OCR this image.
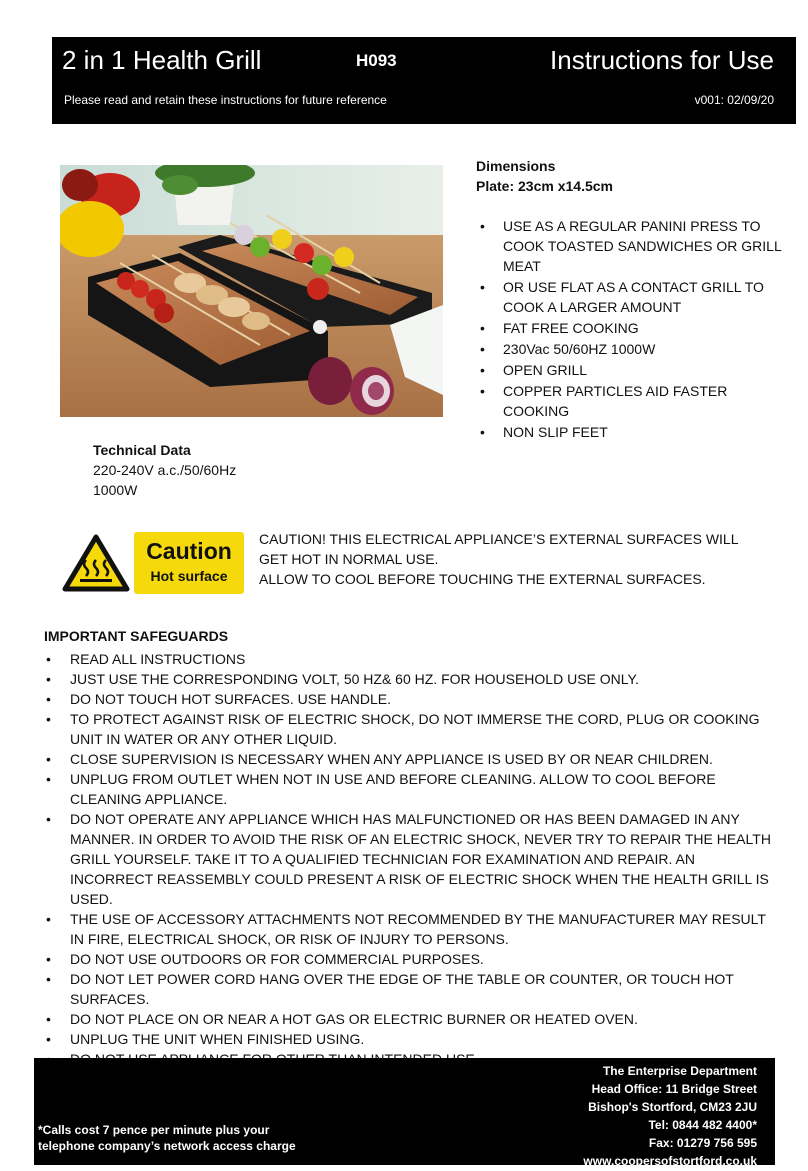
2 in 1 Health Grill	H093	Instructions for Use
Please read and retain these instructions for future reference	v001: 02/09/20
Dimensions
Plate: 23cm x14.5cm
• USE AS A REGULAR PANINI PRESS TO COOK TOASTED SANDWICHES OR GRILL MEAT
• OR USE FLAT AS A CONTACT GRILL TO COOK A LARGER AMOUNT
• FAT FREE COOKING
• 230Vac 50/60HZ 1000W
• OPEN GRILL
• COPPER PARTICLES AID FASTER COOKING
• NON SLIP FEET
Technical Data
220-240V a.c./50/60Hz
1000W
Caution
Hot surface
CAUTION! THIS ELECTRICAL APPLIANCE’S EXTERNAL SURFACES WILL
GET HOT IN NORMAL USE.
ALLOW TO COOL BEFORE TOUCHING THE EXTERNAL SURFACES.
IMPORTANT SAFEGUARDS
• READ ALL INSTRUCTIONS
• JUST USE THE CORRESPONDING VOLT, 50 HZ& 60 HZ. FOR HOUSEHOLD USE ONLY.
• DO NOT TOUCH HOT SURFACES. USE HANDLE.
• TO PROTECT AGAINST RISK OF ELECTRIC SHOCK, DO NOT IMMERSE THE CORD, PLUG OR COOKING UNIT IN WATER OR ANY OTHER LIQUID.
• CLOSE SUPERVISION IS NECESSARY WHEN ANY APPLIANCE IS USED BY OR NEAR CHILDREN.
• UNPLUG FROM OUTLET WHEN NOT IN USE AND BEFORE CLEANING. ALLOW TO COOL BEFORE CLEANING APPLIANCE.
• DO NOT OPERATE ANY APPLIANCE WHICH HAS MALFUNCTIONED OR HAS BEEN DAMAGED IN ANY MANNER. IN ORDER TO AVOID THE RISK OF AN ELECTRIC SHOCK, NEVER TRY TO REPAIR THE HEALTH GRILL YOURSELF. TAKE IT TO A QUALIFIED TECHNICIAN FOR EXAMINATION AND REPAIR. AN INCORRECT REASSEMBLY COULD PRESENT A RISK OF ELECTRIC SHOCK WHEN THE HEALTH GRILL IS USED.
• THE USE OF ACCESSORY ATTACHMENTS NOT RECOMMENDED BY THE MANUFACTURER MAY RESULT IN FIRE, ELECTRICAL SHOCK, OR RISK OF INJURY TO PERSONS.
• DO NOT USE OUTDOORS OR FOR COMMERCIAL PURPOSES.
• DO NOT LET POWER CORD HANG OVER THE EDGE OF THE TABLE OR COUNTER, OR TOUCH HOT SURFACES.
• DO NOT PLACE ON OR NEAR A HOT GAS OR ELECTRIC BURNER OR HEATED OVEN.
• UNPLUG THE UNIT WHEN FINISHED USING.
•
The Enterprise Department
Head Office: 11 Bridge Street
Bishop's Stortford, CM23 2JU
Tel: 0844 482 4400*
Fax: 01279 756 595
www.coopersofstortford.co.uk
*Calls cost 7 pence per minute plus your
telephone company’s network access charge
